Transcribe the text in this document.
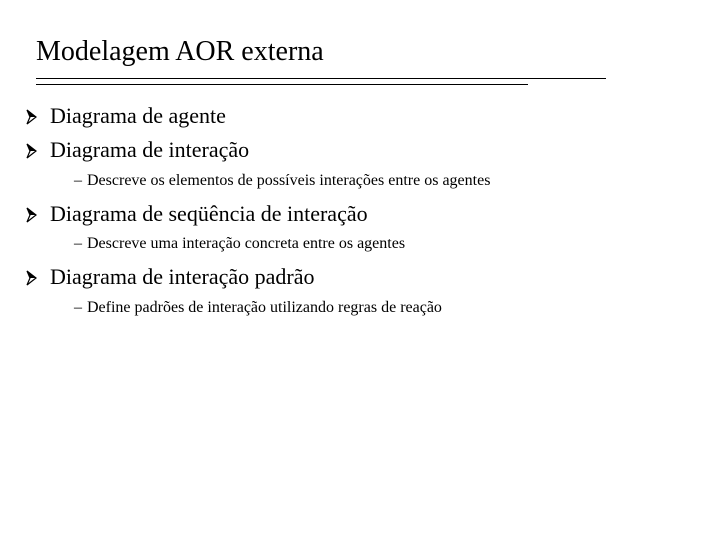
Modelagem AOR externa
Diagrama de agente
Diagrama de interação
– Descreve os elementos de possíveis interações entre os agentes
Diagrama de seqüência de interação
– Descreve uma interação concreta entre os agentes
Diagrama de interação padrão
– Define padrões de interação utilizando regras de reação
